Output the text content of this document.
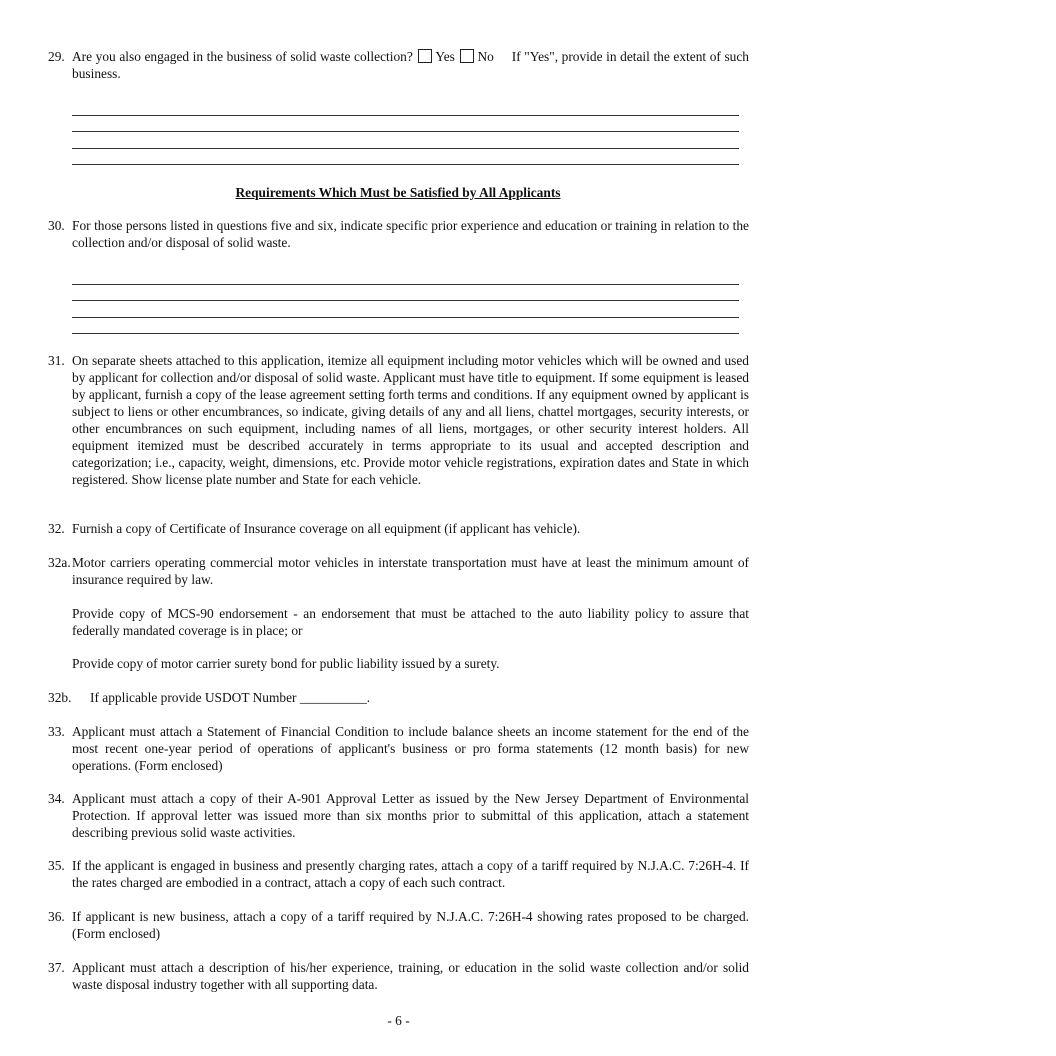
29. Are you also engaged in the business of solid waste collection? Yes No If "Yes", provide in detail the extent of such business.
Requirements Which Must be Satisfied by All Applicants
30. For those persons listed in questions five and six, indicate specific prior experience and education or training in relation to the collection and/or disposal of solid waste.
31. On separate sheets attached to this application, itemize all equipment including motor vehicles which will be owned and used by applicant for collection and/or disposal of solid waste. Applicant must have title to equipment. If some equipment is leased by applicant, furnish a copy of the lease agreement setting forth terms and conditions. If any equipment owned by applicant is subject to liens or other encumbrances, so indicate, giving details of any and all liens, chattel mortgages, security interests, or other encumbrances on such equipment, including names of all liens, mortgages, or other security interest holders. All equipment itemized must be described accurately in terms appropriate to its usual and accepted description and categorization; i.e., capacity, weight, dimensions, etc. Provide motor vehicle registrations, expiration dates and State in which registered. Show license plate number and State for each vehicle.
32. Furnish a copy of Certificate of Insurance coverage on all equipment (if applicant has vehicle).
32a. Motor carriers operating commercial motor vehicles in interstate transportation must have at least the minimum amount of insurance required by law.
Provide copy of MCS-90 endorsement - an endorsement that must be attached to the auto liability policy to assure that federally mandated coverage is in place; or
Provide copy of motor carrier surety bond for public liability issued by a surety.
32b. If applicable provide USDOT Number __________.
33. Applicant must attach a Statement of Financial Condition to include balance sheets an income statement for the end of the most recent one-year period of operations of applicant's business or pro forma statements (12 month basis) for new operations. (Form enclosed)
34. Applicant must attach a copy of their A-901 Approval Letter as issued by the New Jersey Department of Environmental Protection. If approval letter was issued more than six months prior to submittal of this application, attach a statement describing previous solid waste activities.
35. If the applicant is engaged in business and presently charging rates, attach a copy of a tariff required by N.J.A.C. 7:26H-4. If the rates charged are embodied in a contract, attach a copy of each such contract.
36. If applicant is new business, attach a copy of a tariff required by N.J.A.C. 7:26H-4 showing rates proposed to be charged. (Form enclosed)
37. Applicant must attach a description of his/her experience, training, or education in the solid waste collection and/or solid waste disposal industry together with all supporting data.
- 6 -
